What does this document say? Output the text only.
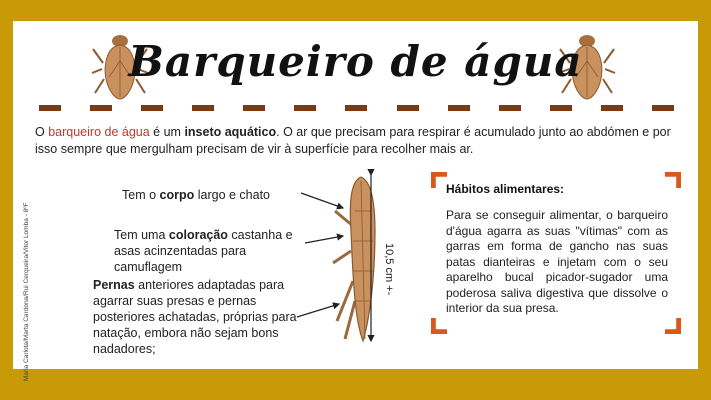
Barqueiro de água

O barqueiro de água é um inseto aquático. O ar que precisam para respirar é acumulado junto ao abdómen e por isso sempre que mergulham precisam de vir à superfície para recolher mais ar.

Maria Carlota/Marta Cardona/Rui Cerqueira/Vitor Lomba - 8ºF

Tem o corpo largo e chato

Tem uma coloração castanha e asas acinzentadas para camuflagem

Pernas anteriores adaptadas para agarrar suas presas e pernas posteriores achatadas, próprias para natação, embora não sejam bons nadadores;

10,5 cm +-

Hábitos alimentares:

Para se conseguir alimentar, o barqueiro d'água agarra as suas "vítimas" com as garras em forma de gancho nas suas patas dianteiras e injetam com o seu aparelho bucal picador-sugador uma poderosa saliva digestiva que dissolve o interior da sua presa.
